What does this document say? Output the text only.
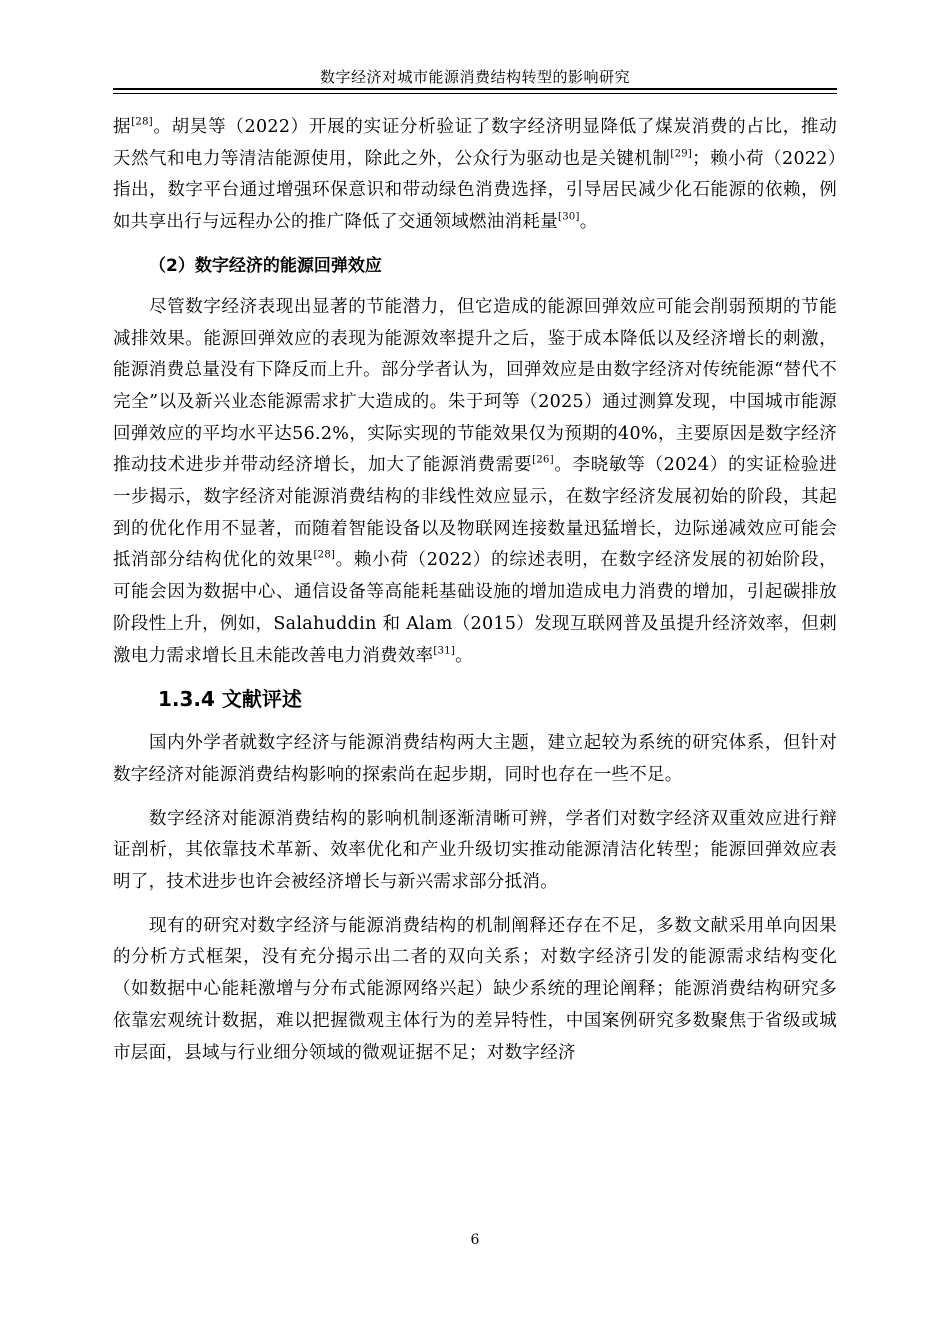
数字经济对城市能源消费结构转型的影响研究

据[28]。胡昊等（2022）开展的实证分析验证了数字经济明显降低了煤炭消费的占比，推动天然气和电力等清洁能源使用，除此之外，公众行为驱动也是关键机制[29]；赖小荷（2022）指出，数字平台通过增强环保意识和带动绿色消费选择，引导居民减少化石能源的依赖，例如共享出行与远程办公的推广降低了交通领域燃油消耗量[30]。

（2）数字经济的能源回弹效应

尽管数字经济表现出显著的节能潜力，但它造成的能源回弹效应可能会削弱预期的节能减排效果。能源回弹效应的表现为能源效率提升之后，鉴于成本降低以及经济增长的刺激，能源消费总量没有下降反而上升。部分学者认为，回弹效应是由数字经济对传统能源“替代不完全”以及新兴业态能源需求扩大造成的。朱于珂等（2025）通过测算发现，中国城市能源回弹效应的平均水平达56.2%，实际实现的节能效果仅为预期的40%，主要原因是数字经济推动技术进步并带动经济增长，加大了能源消费需要[26]。李晓敏等（2024）的实证检验进一步揭示，数字经济对能源消费结构的非线性效应显示，在数字经济发展初始的阶段，其起到的优化作用不显著，而随着智能设备以及物联网连接数量迅猛增长，边际递减效应可能会抵消部分结构优化的效果[28]。赖小荷（2022）的综述表明，在数字经济发展的初始阶段，可能会因为数据中心、通信设备等高能耗基础设施的增加造成电力消费的增加，引起碳排放阶段性上升，例如，Salahuddin 和 Alam（2015）发现互联网普及虽提升经济效率，但刺激电力需求增长且未能改善电力消费效率[31]。

1.3.4 文献评述

国内外学者就数字经济与能源消费结构两大主题，建立起较为系统的研究体系，但针对数字经济对能源消费结构影响的探索尚在起步期，同时也存在一些不足。

数字经济对能源消费结构的影响机制逐渐清晰可辨，学者们对数字经济双重效应进行辩证剖析，其依靠技术革新、效率优化和产业升级切实推动能源清洁化转型；能源回弹效应表明了，技术进步也许会被经济增长与新兴需求部分抵消。

现有的研究对数字经济与能源消费结构的机制阐释还存在不足，多数文献采用单向因果的分析方式框架，没有充分揭示出二者的双向关系；对数字经济引发的能源需求结构变化（如数据中心能耗激增与分布式能源网络兴起）缺少系统的理论阐释；能源消费结构研究多依靠宏观统计数据，难以把握微观主体行为的差异特性，中国案例研究多数聚焦于省级或城市层面，县域与行业细分领域的微观证据不足；对数字经济

6
